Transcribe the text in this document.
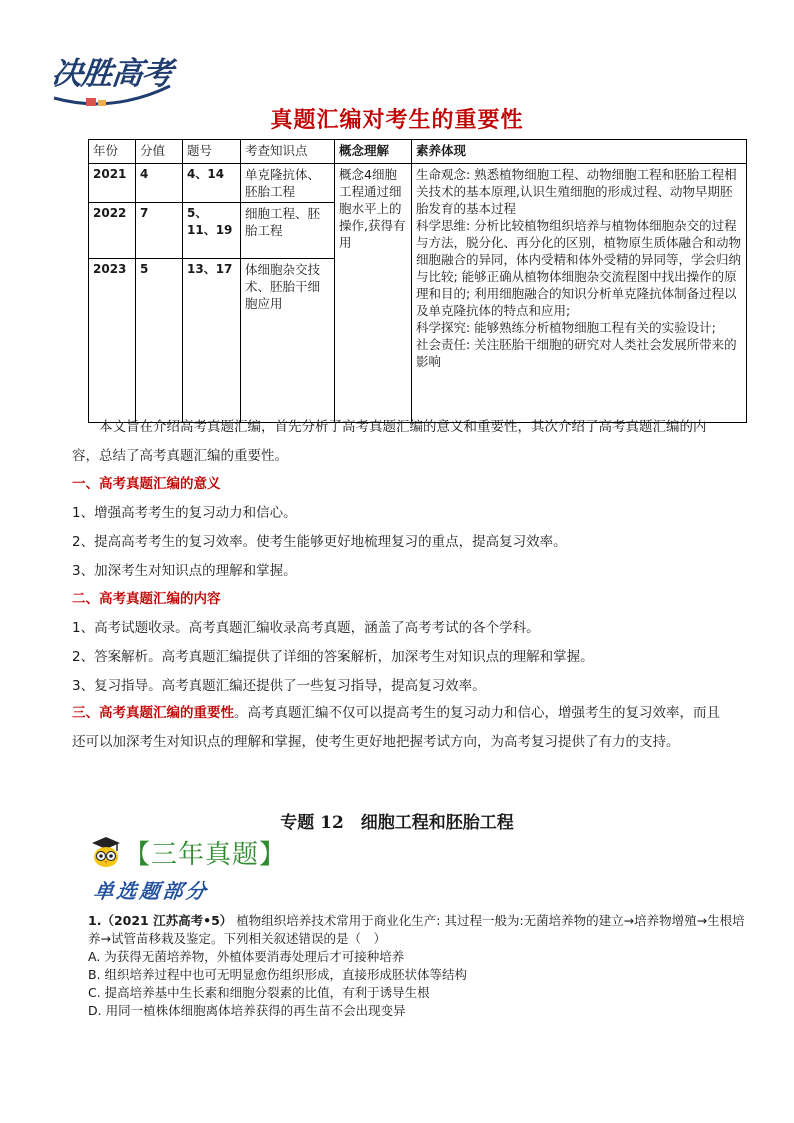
决胜高考
真题汇编对考生的重要性
年份	分值	题号	考查知识点	概念理解	素养体现
2021	4	4、14	单克隆抗体、胚胎工程	概念4细胞工程通过细胞水平上的操作,获得有用	生命观念: 熟悉植物细胞工程、动物细胞工程和胚胎工程相关技术的基本原理,认识生殖细胞的形成过程、动物早期胚胎发育的基本过程
科学思维: 分析比较植物组织培养与植物体细胞杂交的过程与方法，脱分化、再分化的区别，植物原生质体融合和动物细胞融合的异同，体内受精和体外受精的异同等，学会归纳与比较; 能够正确从植物体细胞杂交流程图中找出操作的原理和目的; 利用细胞融合的知识分析单克隆抗体制备过程以及单克隆抗体的特点和应用;
科学探究: 能够熟练分析植物细胞工程有关的实验设计;
社会责任: 关注胚胎干细胞的研究对人类社会发展所带来的影响

2022	7	5、11、19	细胞工程、胚胎工程		
2023	5	13、17	体细胞杂交技术、胚胎干细胞应用		
本文旨在介绍高考真题汇编，首先分析了高考真题汇编的意义和重要性，其次介绍了高考真题汇编的内容，总结了高考真题汇编的重要性。
一、高考真题汇编的意义
1、增强高考考生的复习动力和信心。
2、提高高考考生的复习效率。使考生能够更好地梳理复习的重点，提高复习效率。
3、加深考生对知识点的理解和掌握。
二、高考真题汇编的内容
1、高考试题收录。高考真题汇编收录高考真题，涵盖了高考考试的各个学科。
2、答案解析。高考真题汇编提供了详细的答案解析，加深考生对知识点的理解和掌握。
3、复习指导。高考真题汇编还提供了一些复习指导，提高复习效率。
三、高考真题汇编的重要性。高考真题汇编不仅可以提高考生的复习动力和信心，增强考生的复习效率，而且还可以加深考生对知识点的理解和掌握，使考生更好地把握考试方向，为高考复习提供了有力的支持。
专题 12　细胞工程和胚胎工程
【三年真题】
单选题部分
1.（2021 江苏高考•5） 植物组织培养技术常用于商业化生产: 其过程一般为:无菌培养物的建立→培养物增殖→生根培养→试管苗移栽及鉴定。下列相关叙述错误的是（　）
A. 为获得无菌培养物，外植体要消毒处理后才可接种培养
B. 组织培养过程中也可无明显愈伤组织形成，直接形成胚状体等结构
C. 提高培养基中生长素和细胞分裂素的比值，有利于诱导生根
D. 用同一植株体细胞离体培养获得的再生苗不会出现变异
